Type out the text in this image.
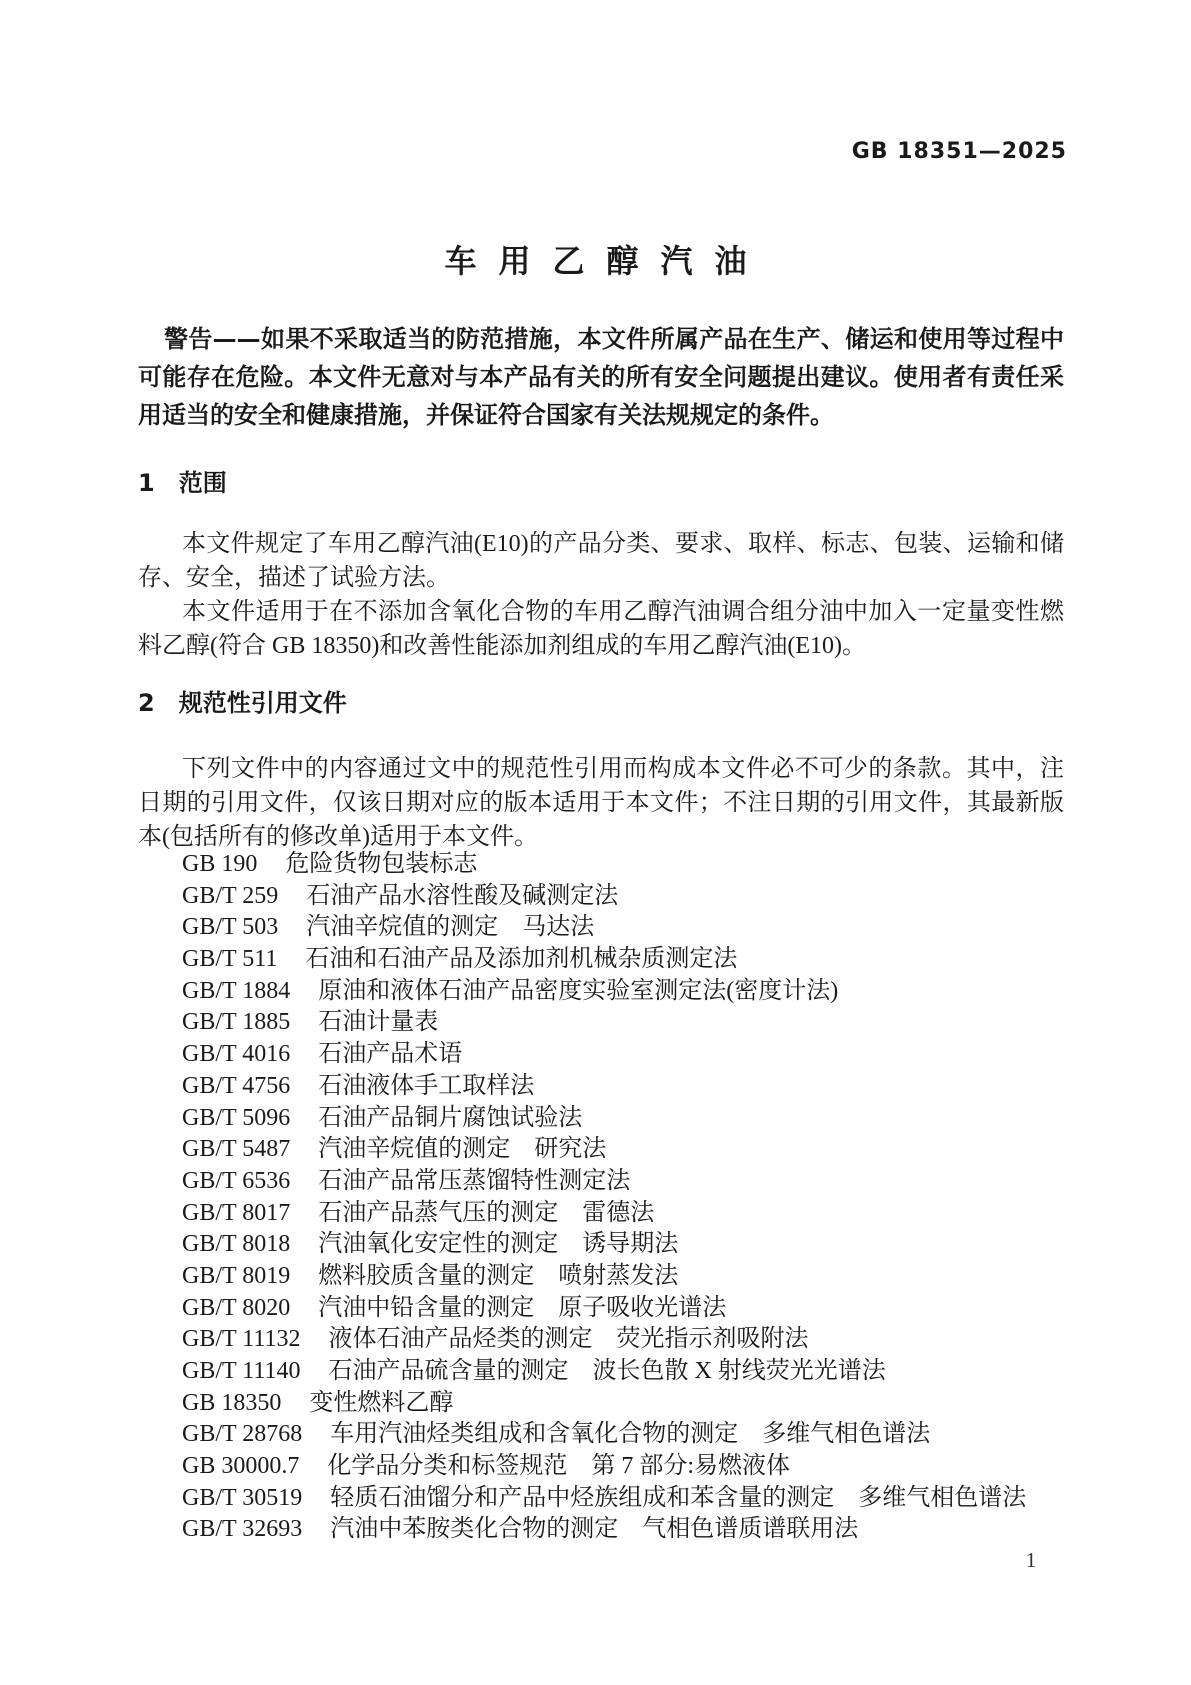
GB 18351—2025
车用乙醇汽油

警告——如果不采取适当的防范措施，本文件所属产品在生产、储运和使用等过程中可能存在危险。本文件无意对与本产品有关的所有安全问题提出建议。使用者有责任采用适当的安全和健康措施，并保证符合国家有关法规规定的条件。

1 范围

本文件规定了车用乙醇汽油(E10)的产品分类、要求、取样、标志、包装、运输和储存、安全，描述了试验方法。

本文件适用于在不添加含氧化合物的车用乙醇汽油调合组分油中加入一定量变性燃料乙醇(符合 GB 18350)和改善性能添加剂组成的车用乙醇汽油(E10)。

2 规范性引用文件

下列文件中的内容通过文中的规范性引用而构成本文件必不可少的条款。其中，注日期的引用文件，仅该日期对应的版本适用于本文件；不注日期的引用文件，其最新版本(包括所有的修改单)适用于本文件。

GB 190 危险货物包装标志
GB/T 259 石油产品水溶性酸及碱测定法
GB/T 503 汽油辛烷值的测定　马达法
GB/T 511 石油和石油产品及添加剂机械杂质测定法
GB/T 1884 原油和液体石油产品密度实验室测定法(密度计法)
GB/T 1885 石油计量表
GB/T 4016 石油产品术语
GB/T 4756 石油液体手工取样法
GB/T 5096 石油产品铜片腐蚀试验法
GB/T 5487 汽油辛烷值的测定　研究法
GB/T 6536 石油产品常压蒸馏特性测定法
GB/T 8017 石油产品蒸气压的测定　雷德法
GB/T 8018 汽油氧化安定性的测定　诱导期法
GB/T 8019 燃料胶质含量的测定　喷射蒸发法
GB/T 8020 汽油中铅含量的测定　原子吸收光谱法
GB/T 11132 液体石油产品烃类的测定　荧光指示剂吸附法
GB/T 11140 石油产品硫含量的测定　波长色散 X 射线荧光光谱法
GB 18350 变性燃料乙醇
GB/T 28768 车用汽油烃类组成和含氧化合物的测定　多维气相色谱法
GB 30000.7 化学品分类和标签规范　第 7 部分:易燃液体
GB/T 30519 轻质石油馏分和产品中烃族组成和苯含量的测定　多维气相色谱法
GB/T 32693 汽油中苯胺类化合物的测定　气相色谱质谱联用法
1
